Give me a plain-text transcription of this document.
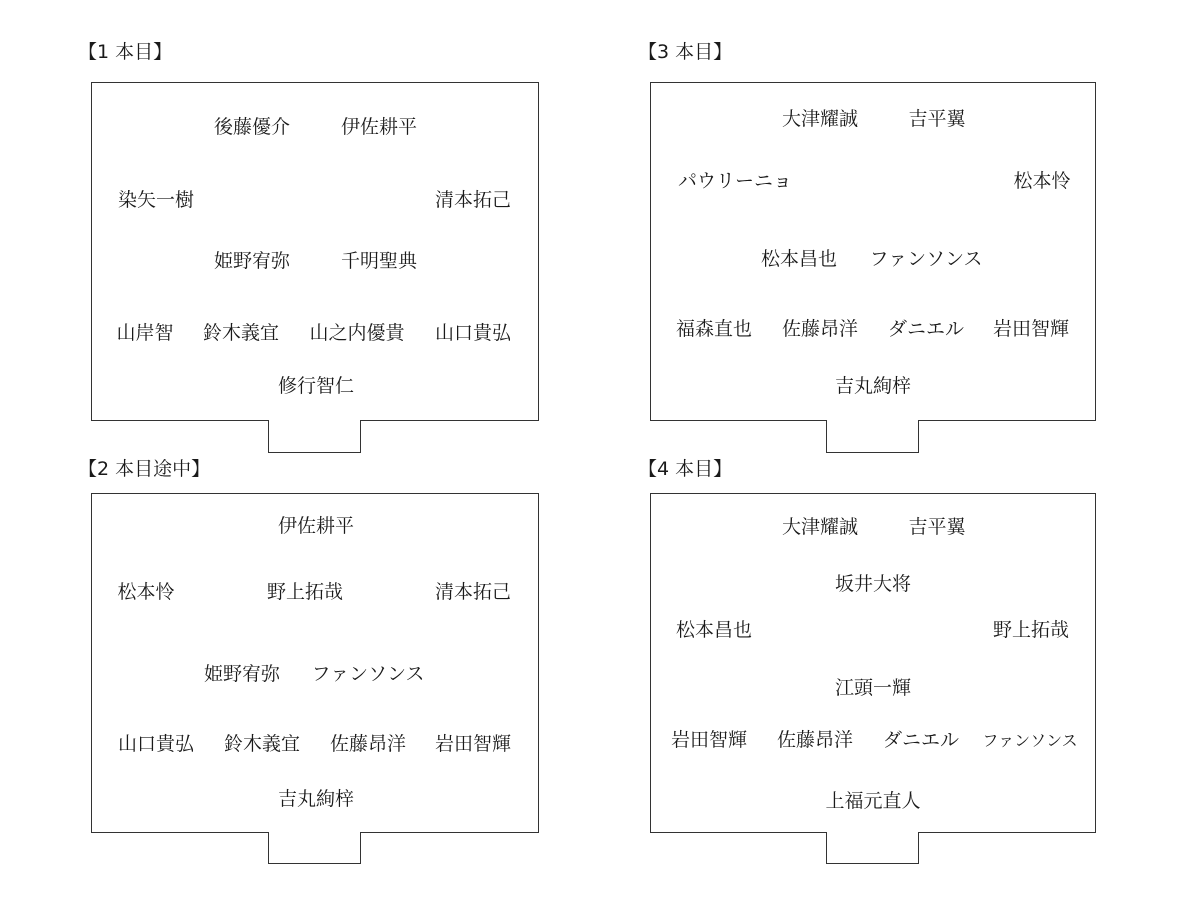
【1 本目】
後藤優介	伊佐耕平
染矢一樹	清本拓己
姫野宥弥	千明聖典
山岸智 鈴木義宜 山之内優貴 山口貴弘
修行智仁
【2 本目途中】
伊佐耕平
松本怜	野上拓哉	清本拓己
姫野宥弥 ファンソンス
山口貴弘 鈴木義宜 佐藤昂洋 岩田智輝
吉丸絢梓
【3 本目】
大津耀誠	吉平翼
パウリーニョ	松本怜
松本昌也 ファンソンス
福森直也 佐藤昂洋 ダニエル 岩田智輝
吉丸絢梓
【4 本目】
大津耀誠	吉平翼
坂井大将
松本昌也	野上拓哉
江頭一輝
岩田智輝 佐藤昂洋 ダニエル ファンソンス
上福元直人
